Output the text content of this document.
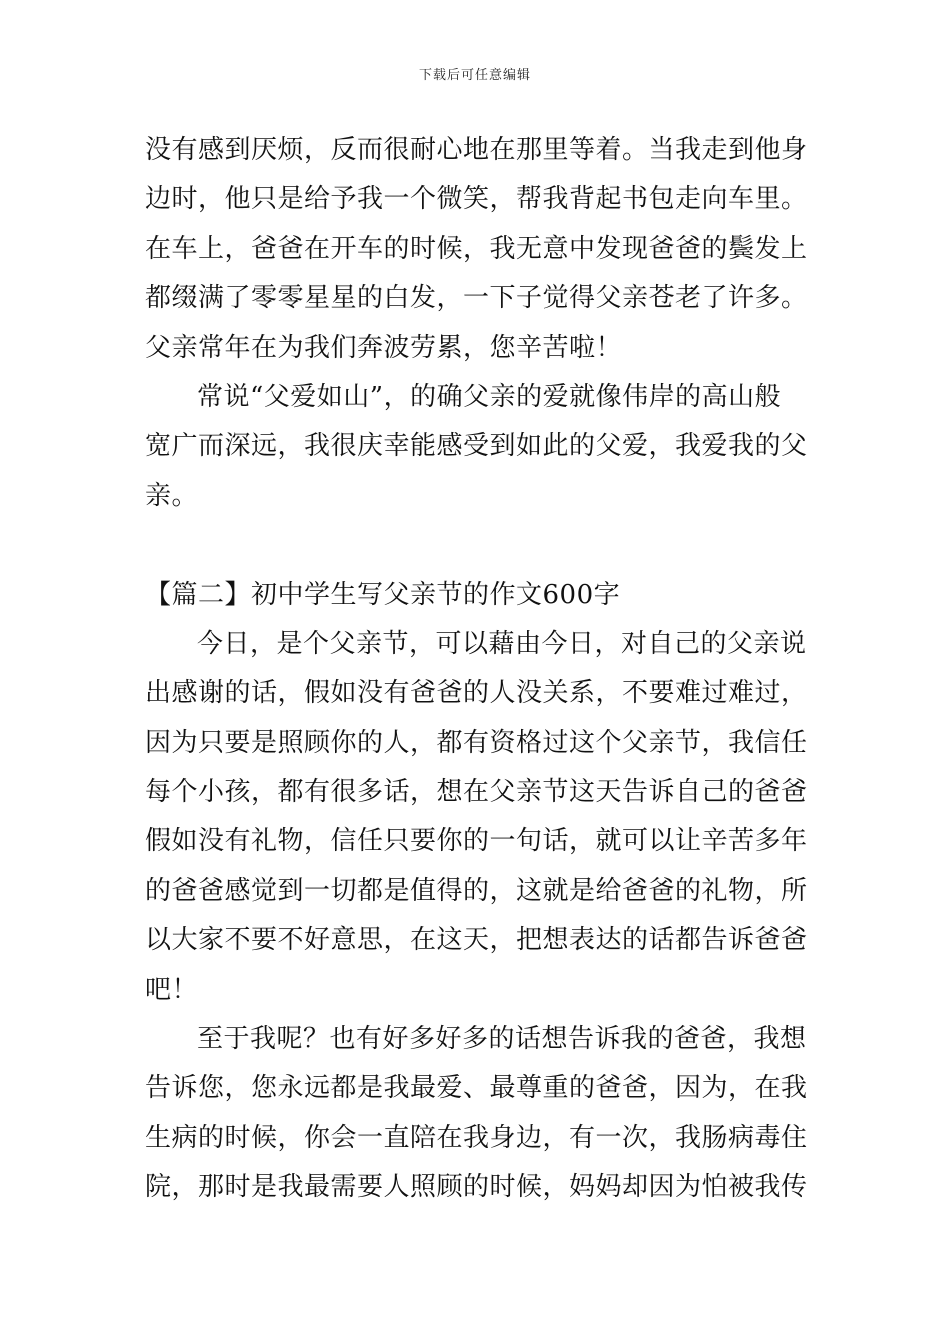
下载后可任意编辑
没有感到厌烦，反而很耐心地在那里等着。当我走到他身
边时，他只是给予我一个微笑，帮我背起书包走向车里。
在车上，爸爸在开车的时候，我无意中发现爸爸的鬓发上
都缀满了零零星星的白发，一下子觉得父亲苍老了许多。
父亲常年在为我们奔波劳累，您辛苦啦！
常说“父爱如山”，的确父亲的爱就像伟岸的高山般
宽广而深远，我很庆幸能感受到如此的父爱，我爱我的父
亲。
【篇二】初中学生写父亲节的作文600字
今日，是个父亲节，可以藉由今日，对自己的父亲说
出感谢的话，假如没有爸爸的人没关系，不要难过难过，
因为只要是照顾你的人，都有资格过这个父亲节，我信任
每个小孩，都有很多话，想在父亲节这天告诉自己的爸爸
假如没有礼物，信任只要你的一句话，就可以让辛苦多年
的爸爸感觉到一切都是值得的，这就是给爸爸的礼物，所
以大家不要不好意思，在这天，把想表达的话都告诉爸爸
吧！
至于我呢？也有好多好多的话想告诉我的爸爸，我想
告诉您，您永远都是我最爱、最尊重的爸爸，因为，在我
生病的时候，你会一直陪在我身边，有一次，我肠病毒住
院，那时是我最需要人照顾的时候，妈妈却因为怕被我传
